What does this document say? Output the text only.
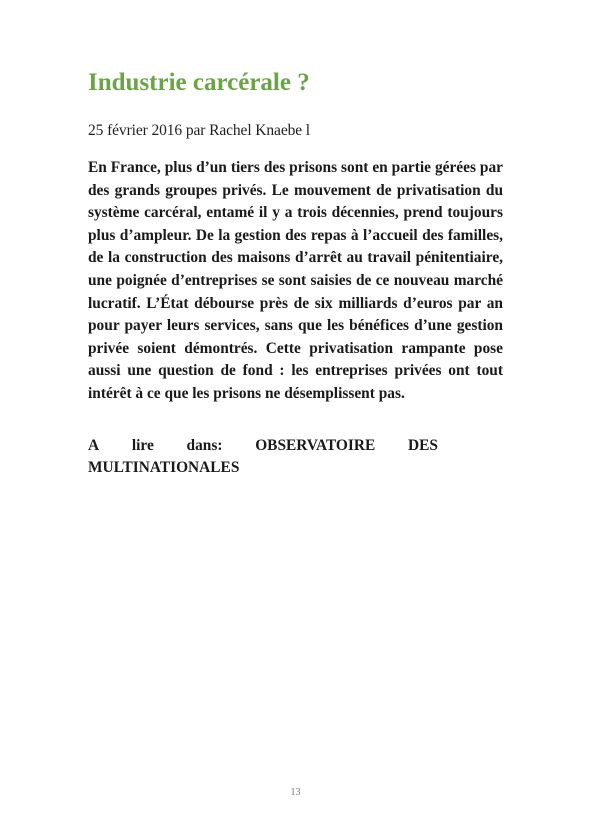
Industrie carcérale ?

25 février 2016 par Rachel Knaebe l

En France, plus d’un tiers des prisons sont en partie gérées par des grands groupes privés. Le mouvement de privatisation du système carcéral, entamé il y a trois décennies, prend toujours plus d’ampleur. De la gestion des repas à l’accueil des familles, de la construction des maisons d’arrêt au travail pénitentiaire, une poignée d’entreprises se sont saisies de ce nouveau marché lucratif. L’État débourse près de six milliards d’euros par an pour payer leurs services, sans que les bénéfices d’une gestion privée soient démontrés. Cette privatisation rampante pose aussi une question de fond : les entreprises privées ont tout intérêt à ce que les prisons ne désemplissent pas.

A lire dans: OBSERVATOIRE DES
MULTINATIONALES

13
